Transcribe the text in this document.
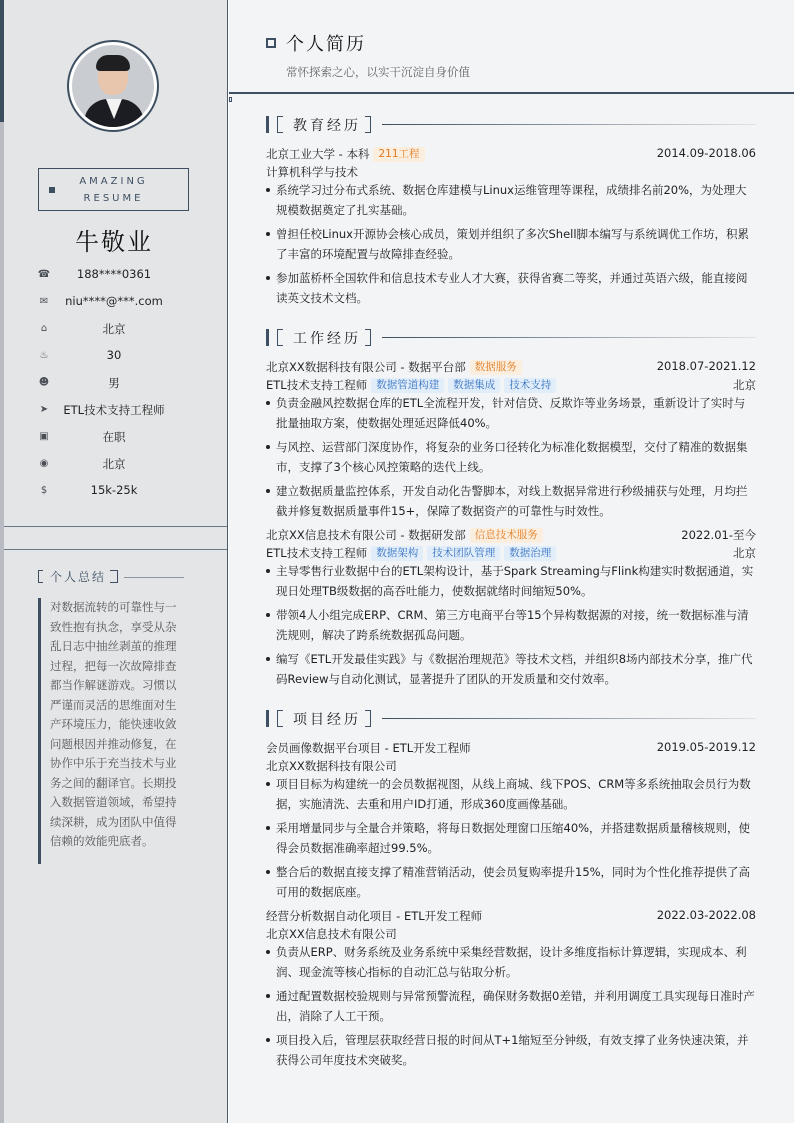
AMAZING
RESUME
牛敬业
☎	188****0361
✉	niu****@***.com
⌂	北京
♨	30
☻	男
➤	ETL技术支持工程师
▣	在职
◉	北京
$	15k-25k
个人总结
对数据流转的可靠性与一致性抱有执念，享受从杂乱日志中抽丝剥茧的推理过程，把每一次故障排查都当作解谜游戏。习惯以严谨而灵活的思维面对生产环境压力，能快速收敛问题根因并推动修复，在协作中乐于充当技术与业务之间的翻译官。长期投入数据管道领域，希望持续深耕，成为团队中值得信赖的效能兜底者。
个人简历
常怀探索之心，以实干沉淀自身价值
教育经历
北京工业大学 - 本科 211工程	2014.09-2018.06
计算机科学与技术
系统学习过分布式系统、数据仓库建模与Linux运维管理等课程，成绩排名前20%，为处理大规模数据奠定了扎实基础。
曾担任校Linux开源协会核心成员，策划并组织了多次Shell脚本编写与系统调优工作坊，积累了丰富的环境配置与故障排查经验。
参加蓝桥杯全国软件和信息技术专业人才大赛，获得省赛二等奖，并通过英语六级，能直接阅读英文技术文档。
工作经历
北京XX数据科技有限公司 - 数据平台部 数据服务	2018.07-2021.12
ETL技术支持工程师 数据管道构建 数据集成 技术支持	北京
负责金融风控数据仓库的ETL全流程开发，针对信贷、反欺诈等业务场景，重新设计了实时与批量抽取方案，使数据处理延迟降低40%。
与风控、运营部门深度协作，将复杂的业务口径转化为标准化数据模型，交付了精准的数据集市，支撑了3个核心风控策略的迭代上线。
建立数据质量监控体系，开发自动化告警脚本，对线上数据异常进行秒级捕获与处理，月均拦截并修复数据质量事件15+，保障了数据资产的可靠性与时效性。
北京XX信息技术有限公司 - 数据研发部 信息技术服务	2022.01-至今
ETL技术支持工程师 数据架构 技术团队管理 数据治理	北京
主导零售行业数据中台的ETL架构设计，基于Spark Streaming与Flink构建实时数据通道，实现日处理TB级数据的高吞吐能力，使数据就绪时间缩短50%。
带领4人小组完成ERP、CRM、第三方电商平台等15个异构数据源的对接，统一数据标准与清洗规则，解决了跨系统数据孤岛问题。
编写《ETL开发最佳实践》与《数据治理规范》等技术文档，并组织8场内部技术分享，推广代码Review与自动化测试，显著提升了团队的开发质量和交付效率。
项目经历
会员画像数据平台项目 - ETL开发工程师	2019.05-2019.12
北京XX数据科技有限公司
项目目标为构建统一的会员数据视图，从线上商城、线下POS、CRM等多系统抽取会员行为数据，实施清洗、去重和用户ID打通，形成360度画像基础。
采用增量同步与全量合并策略，将每日数据处理窗口压缩40%，并搭建数据质量稽核规则，使得会员数据准确率超过99.5%。
整合后的数据直接支撑了精准营销活动，使会员复购率提升15%，同时为个性化推荐提供了高可用的数据底座。
经营分析数据自动化项目 - ETL开发工程师	2022.03-2022.08
北京XX信息技术有限公司
负责从ERP、财务系统及业务系统中采集经营数据，设计多维度指标计算逻辑，实现成本、利润、现金流等核心指标的自动汇总与钻取分析。
通过配置数据校验规则与异常预警流程，确保财务数据0差错，并利用调度工具实现每日准时产出，消除了人工干预。
项目投入后，管理层获取经营日报的时间从T+1缩短至分钟级，有效支撑了业务快速决策，并获得公司年度技术突破奖。
